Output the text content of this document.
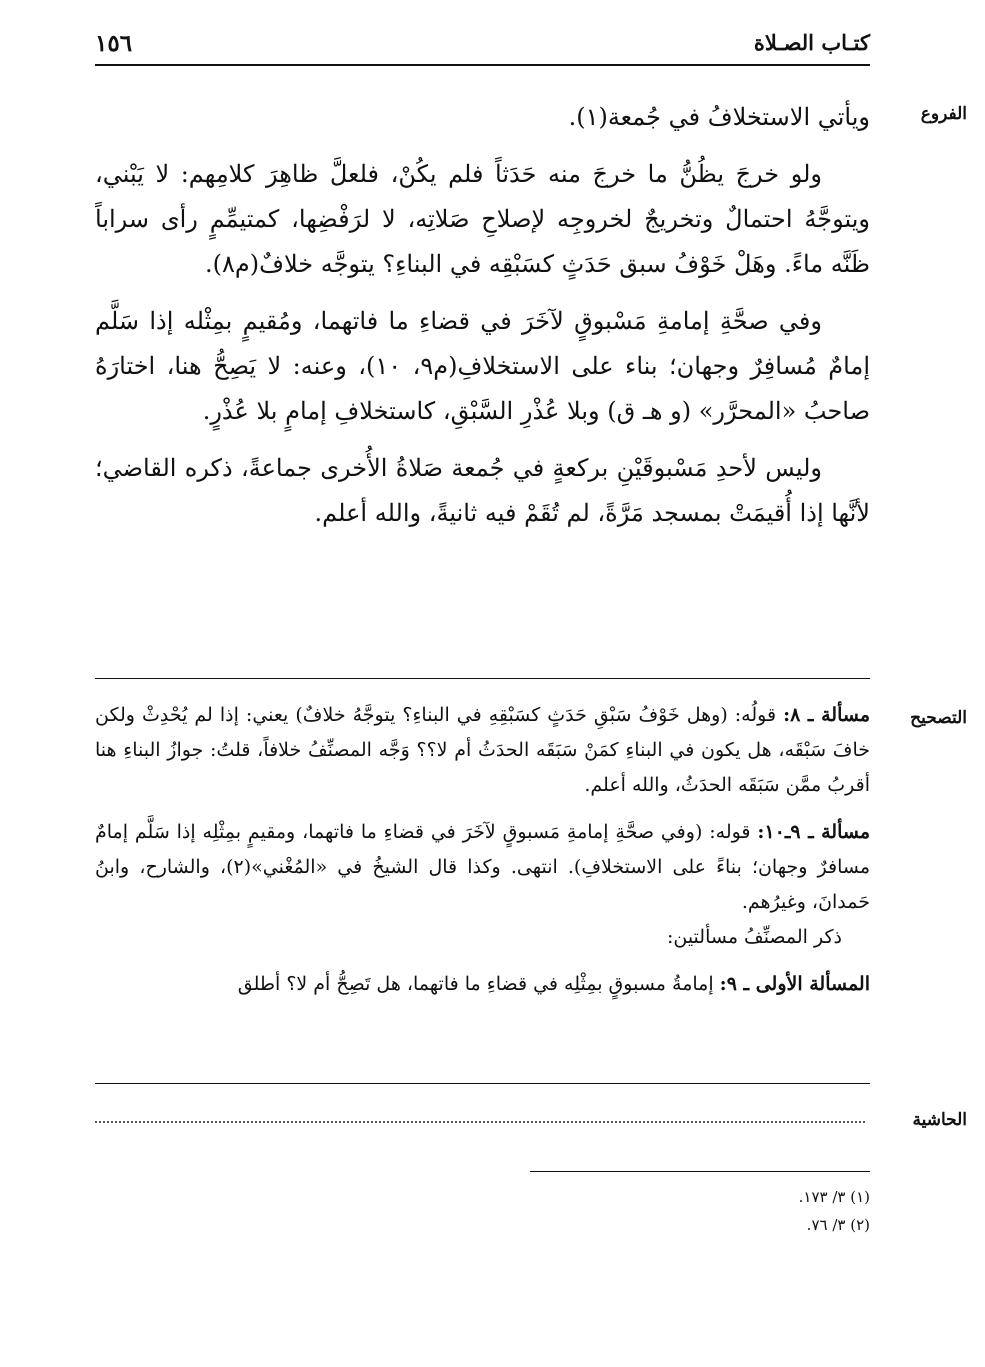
كتـاب الصـلاة
١٥٦
الفروع
التصحيح
الحاشية

ويأتي الاستخلافُ في جُمعة(١).

ولو خرجَ يظُنُّ ما خرجَ منه حَدَثاً فلم يكُنْ، فلعلَّ ظاهِرَ كلامِهم: لا يَبْني، ويتوجَّهُ احتمالٌ وتخريجٌ لخروجِه لإصلاحِ صَلاتِه، لا لرَفْضِها، كمتيمِّمٍ رأى سراباً ظَنَّه ماءً. وهَلْ خَوْفُ سبق حَدَثٍ كسَبْقِه في البناءِ؟ يتوجَّه خلافٌ(م٨).

وفي صحَّةِ إمامةِ مَسْبوقٍ لآخَرَ في قضاءِ ما فاتهما، ومُقيمٍ بمِثْله إذا سَلَّم إمامٌ مُسافِرٌ وجهان؛ بناء على الاستخلافِ(م٩، ١٠)، وعنه: لا يَصِحُّ هنا، اختارَهُ صاحبُ «المحرَّر» (و هـ ق) وبلا عُذْرِ السَّبْقِ، كاستخلافِ إمامٍ بلا عُذْرٍ.

وليس لأحدِ مَسْبوقَيْنِ بركعةٍ في جُمعة صَلاةُ الأُخرى جماعةً، ذكره القاضي؛ لأنَّها إذا أُقيمَتْ بمسجد مَرَّةً، لم تُقَمْ فيه ثانيةً، والله أعلم.

مسألة ـ ٨: قولُه: (وهل خَوْفُ سَبْقِ حَدَثٍ كسَبْقِهِ في البناءِ؟ يتوجَّهُ خلافٌ) يعني: إذا لم يُحْدِثْ ولكن خافَ سَبْقَه، هل يكون في البناءِ كمَنْ سَبَقَه الحدَثُ أم لا؟؟ وَجَّه المصنِّفُ خلافاً، قلتُ: جوازُ البناءِ هنا أقربُ ممَّن سَبَقَه الحدَثُ، والله أعلم.

مسألة ـ ٩ـ١٠: قوله: (وفي صحَّةِ إمامةِ مَسبوقٍ لآخَرَ في قضاءِ ما فاتهما، ومقيمٍ بمِثْلِه إذا سَلَّم إمامٌ مسافرٌ وجهان؛ بناءً على الاستخلافِ). انتهى. وكذا قال الشيخُ في «المُغْني»(٢)، والشارح، وابنُ حَمدانَ، وغيرُهم.

ذكر المصنِّفُ مسألتين:

المسألة الأولى ـ ٩: إمامةُ مسبوقٍ بمِثْلِه في قضاءِ ما فاتهما، هل تَصِحُّ أم لا؟ أطلق

(١) ٣/ ١٧٣.
(٢) ٣/ ٧٦.
